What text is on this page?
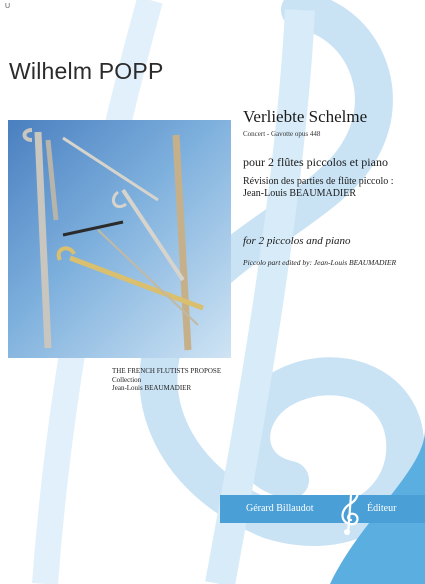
U
Wilhelm POPP
Verliebte Schelme
Concert - Gavotte opus 448
pour 2 flûtes piccolos et piano
Révision des parties de flûte piccolo :
Jean-Louis BEAUMADIER
for 2 piccolos and piano
Piccolo part edited by: Jean-Louis BEAUMADIER
THE FRENCH FLUTISTS PROPOSE
Collection
Jean-Louis BEAUMADIER
Gérard Billaudot	Éditeur
